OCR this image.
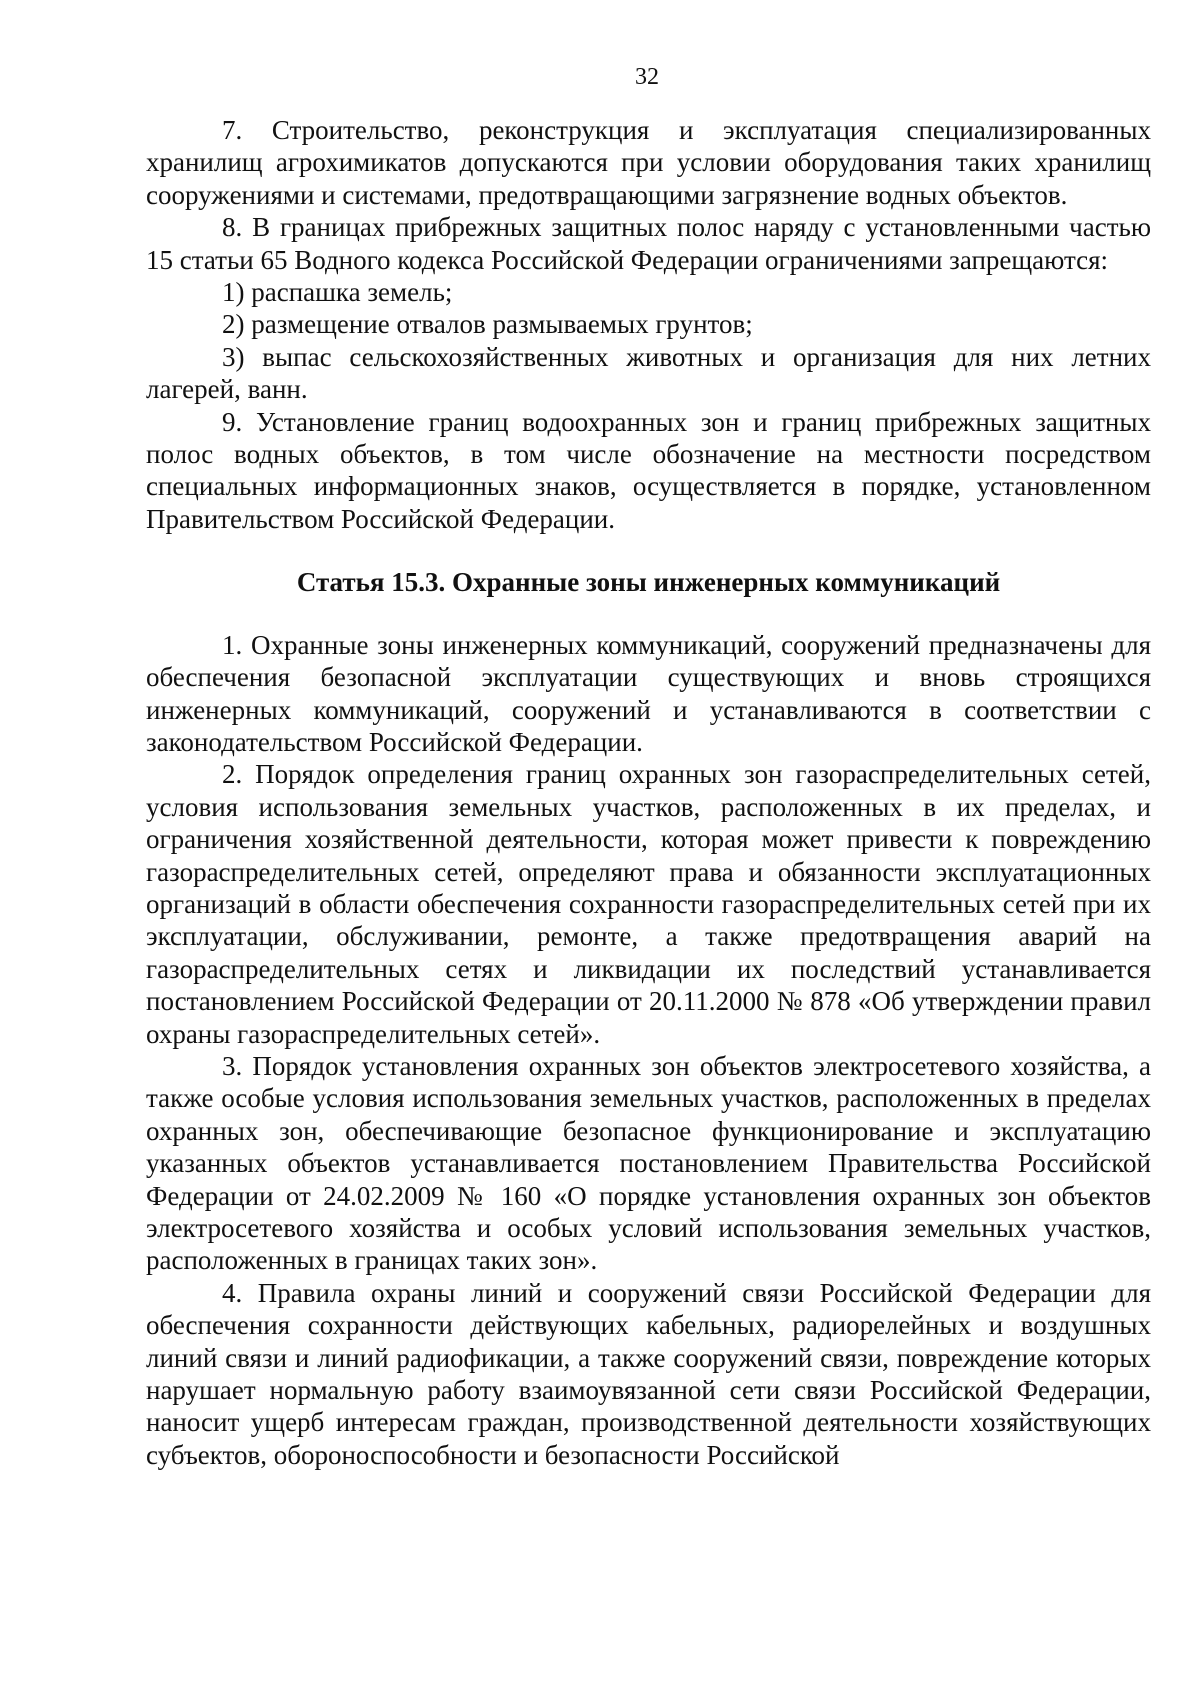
32

7. Строительство, реконструкция и эксплуатация специализированных хранилищ агрохимикатов допускаются при условии оборудования таких хранилищ сооружениями и системами, предотвращающими загрязнение водных объектов.

8. В границах прибрежных защитных полос наряду с установленными частью 15 статьи 65 Водного кодекса Российской Федерации ограничениями запрещаются:

1) распашка земель;

2) размещение отвалов размываемых грунтов;

3) выпас сельскохозяйственных животных и организация для них летних лагерей, ванн.

9. Установление границ водоохранных зон и границ прибрежных защитных полос водных объектов, в том числе обозначение на местности посредством специальных информационных знаков, осуществляется в порядке, установленном Правительством Российской Федерации.

Статья 15.3. Охранные зоны инженерных коммуникаций

1. Охранные зоны инженерных коммуникаций, сооружений предназначены для обеспечения безопасной эксплуатации существующих и вновь строящихся инженерных коммуникаций, сооружений и устанавливаются в соответствии с законодательством Российской Федерации.

2. Порядок определения границ охранных зон газораспределительных сетей, условия использования земельных участков, расположенных в их пределах, и ограничения хозяйственной деятельности, которая может привести к повреждению газораспределительных сетей, определяют права и обязанности эксплуатационных организаций в области обеспечения сохранности газораспределительных сетей при их эксплуатации, обслуживании, ремонте, а также предотвращения аварий на газораспределительных сетях и ликвидации их последствий устанавливается постановлением Российской Федерации от 20.11.2000 № 878 «Об утверждении правил охраны газораспределительных сетей».

3. Порядок установления охранных зон объектов электросетевого хозяйства, а также особые условия использования земельных участков, расположенных в пределах охранных зон, обеспечивающие безопасное функционирование и эксплуатацию указанных объектов устанавливается постановлением Правительства Российской Федерации от 24.02.2009 № 160 «О порядке установления охранных зон объектов электросетевого хозяйства и особых условий использования земельных участков, расположенных в границах таких зон».

4. Правила охраны линий и сооружений связи Российской Федерации для обеспечения сохранности действующих кабельных, радиорелейных и воздушных линий связи и линий радиофикации, а также сооружений связи, повреждение которых нарушает нормальную работу взаимоувязанной сети связи Российской Федерации, наносит ущерб интересам граждан, производственной деятельности хозяйствующих субъектов, обороноспособности и безопасности Российской
